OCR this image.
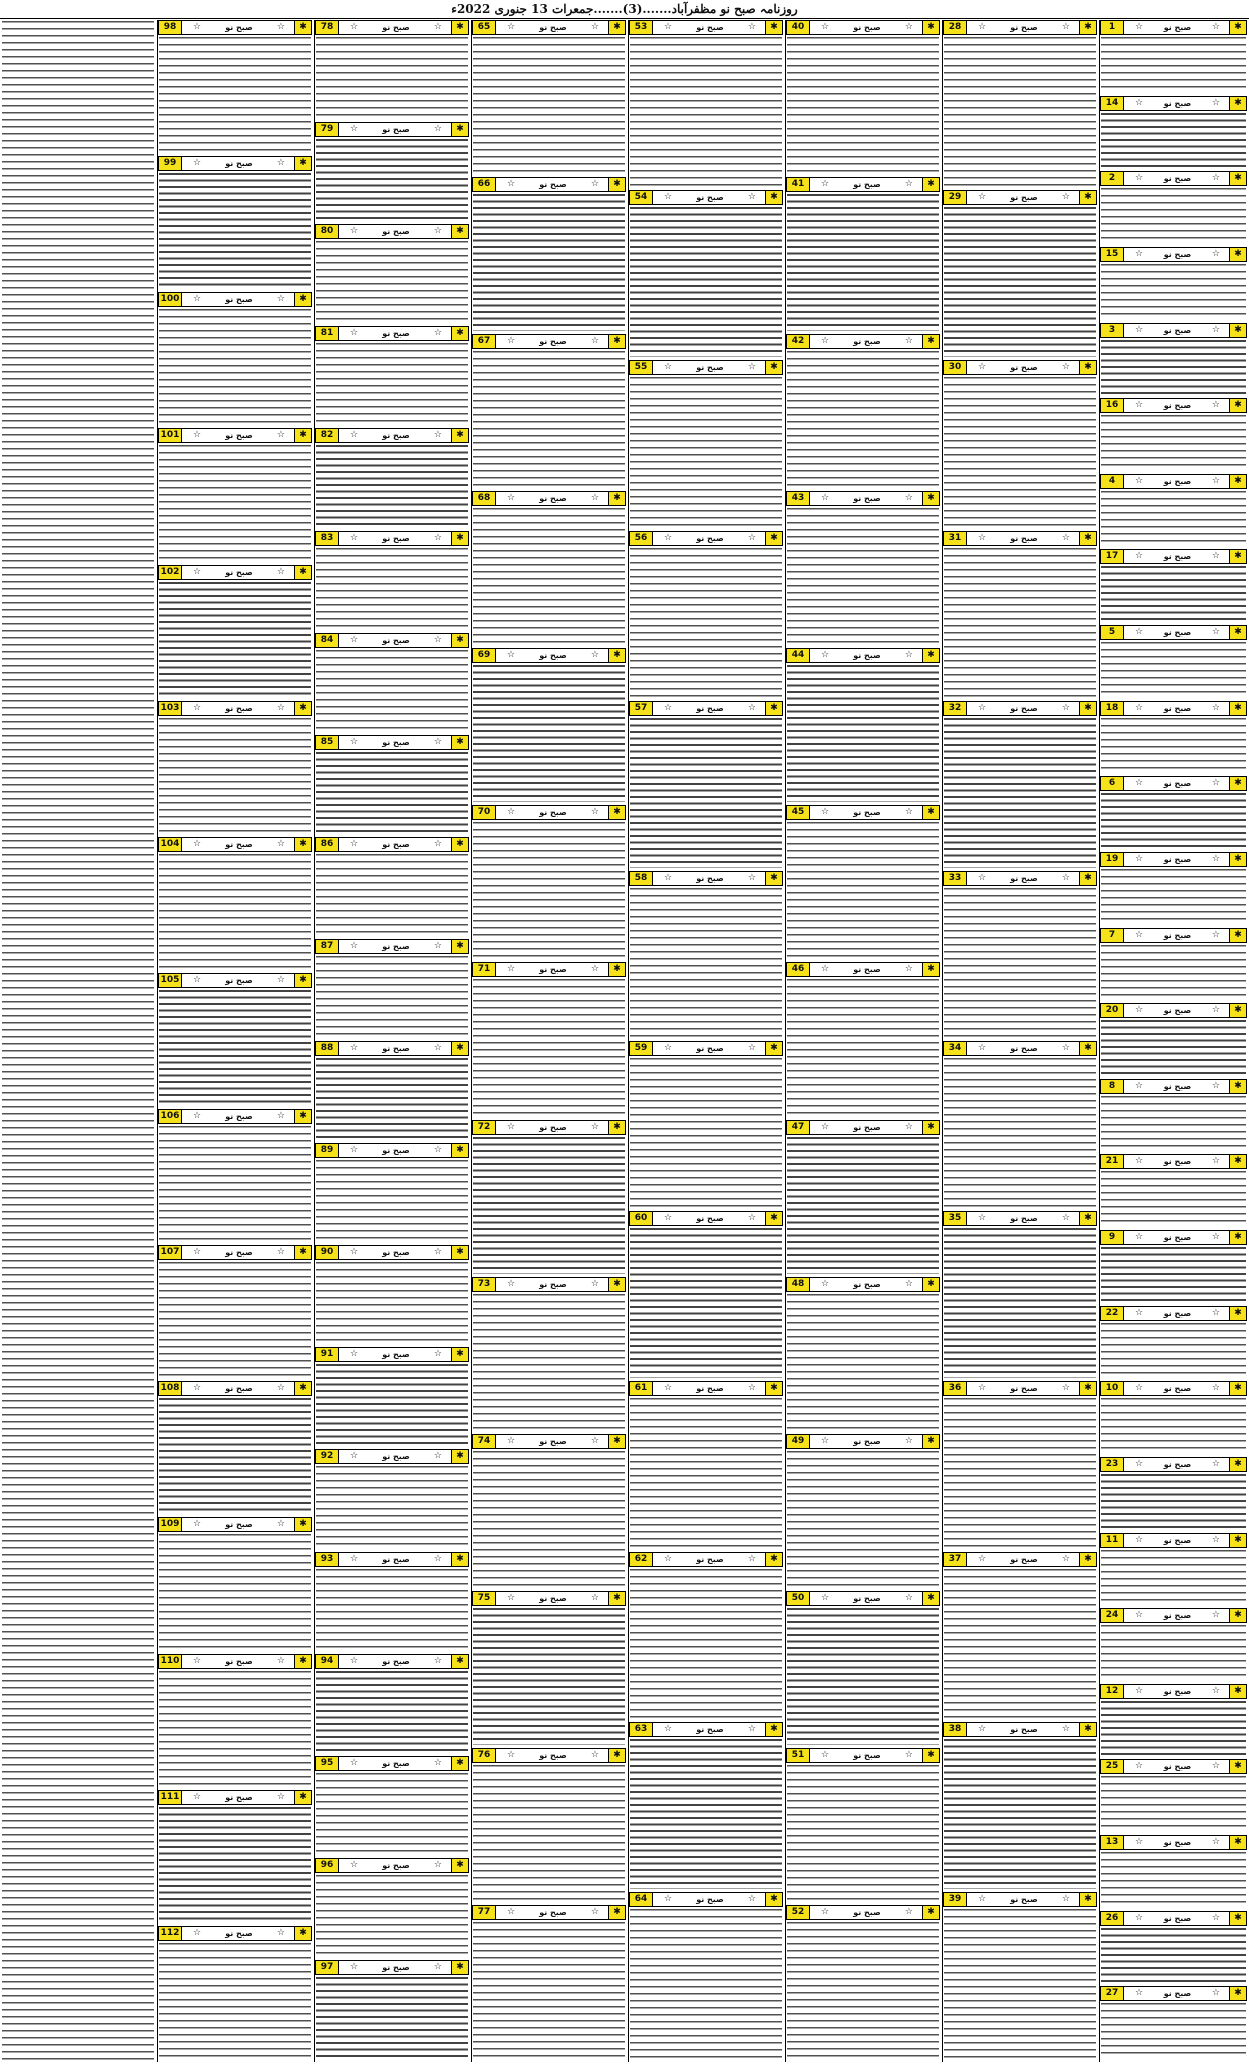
روزنامہ صبح نو مظفرآباد.......(3).......جمعرات 13 جنوری 2022ء
1	☆	صبح نو	☆	✱
14	☆	صبح نو	☆	✱
2	☆	صبح نو	☆	✱
15	☆	صبح نو	☆	✱
3	☆	صبح نو	☆	✱
16	☆	صبح نو	☆	✱
4	☆	صبح نو	☆	✱
17	☆	صبح نو	☆	✱
5	☆	صبح نو	☆	✱
18	☆	صبح نو	☆	✱
6	☆	صبح نو	☆	✱
19	☆	صبح نو	☆	✱
7	☆	صبح نو	☆	✱
20	☆	صبح نو	☆	✱
8	☆	صبح نو	☆	✱
21	☆	صبح نو	☆	✱
9	☆	صبح نو	☆	✱
22	☆	صبح نو	☆	✱
10	☆	صبح نو	☆	✱
23	☆	صبح نو	☆	✱
11	☆	صبح نو	☆	✱
24	☆	صبح نو	☆	✱
12	☆	صبح نو	☆	✱
25	☆	صبح نو	☆	✱
13	☆	صبح نو	☆	✱
26	☆	صبح نو	☆	✱
27	☆	صبح نو	☆	✱
28	☆	صبح نو	☆	✱
29	☆	صبح نو	☆	✱
30	☆	صبح نو	☆	✱
31	☆	صبح نو	☆	✱
32	☆	صبح نو	☆	✱
33	☆	صبح نو	☆	✱
34	☆	صبح نو	☆	✱
35	☆	صبح نو	☆	✱
36	☆	صبح نو	☆	✱
37	☆	صبح نو	☆	✱
38	☆	صبح نو	☆	✱
39	☆	صبح نو	☆	✱
40	☆	صبح نو	☆	✱
41	☆	صبح نو	☆	✱
42	☆	صبح نو	☆	✱
43	☆	صبح نو	☆	✱
44	☆	صبح نو	☆	✱
45	☆	صبح نو	☆	✱
46	☆	صبح نو	☆	✱
47	☆	صبح نو	☆	✱
48	☆	صبح نو	☆	✱
49	☆	صبح نو	☆	✱
50	☆	صبح نو	☆	✱
51	☆	صبح نو	☆	✱
52	☆	صبح نو	☆	✱
53	☆	صبح نو	☆	✱
54	☆	صبح نو	☆	✱
55	☆	صبح نو	☆	✱
56	☆	صبح نو	☆	✱
57	☆	صبح نو	☆	✱
58	☆	صبح نو	☆	✱
59	☆	صبح نو	☆	✱
60	☆	صبح نو	☆	✱
61	☆	صبح نو	☆	✱
62	☆	صبح نو	☆	✱
63	☆	صبح نو	☆	✱
64	☆	صبح نو	☆	✱
65	☆	صبح نو	☆	✱
66	☆	صبح نو	☆	✱
67	☆	صبح نو	☆	✱
68	☆	صبح نو	☆	✱
69	☆	صبح نو	☆	✱
70	☆	صبح نو	☆	✱
71	☆	صبح نو	☆	✱
72	☆	صبح نو	☆	✱
73	☆	صبح نو	☆	✱
74	☆	صبح نو	☆	✱
75	☆	صبح نو	☆	✱
76	☆	صبح نو	☆	✱
77	☆	صبح نو	☆	✱
78	☆	صبح نو	☆	✱
79	☆	صبح نو	☆	✱
80	☆	صبح نو	☆	✱
81	☆	صبح نو	☆	✱
82	☆	صبح نو	☆	✱
83	☆	صبح نو	☆	✱
84	☆	صبح نو	☆	✱
85	☆	صبح نو	☆	✱
86	☆	صبح نو	☆	✱
87	☆	صبح نو	☆	✱
88	☆	صبح نو	☆	✱
89	☆	صبح نو	☆	✱
90	☆	صبح نو	☆	✱
91	☆	صبح نو	☆	✱
92	☆	صبح نو	☆	✱
93	☆	صبح نو	☆	✱
94	☆	صبح نو	☆	✱
95	☆	صبح نو	☆	✱
96	☆	صبح نو	☆	✱
97	☆	صبح نو	☆	✱
98	☆	صبح نو	☆	✱
99	☆	صبح نو	☆	✱
100 ☆	صبح نو	☆	✱
101 ☆	صبح نو	☆	✱
102 ☆	صبح نو	☆	✱
103 ☆	صبح نو	☆	✱
104 ☆	صبح نو	☆	✱
105 ☆	صبح نو	☆	✱
106 ☆	صبح نو	☆	✱
107 ☆	صبح نو	☆	✱
108 ☆	صبح نو	☆	✱
109 ☆	صبح نو	☆	✱
110 ☆	صبح نو	☆	✱
111 ☆	صبح نو	☆	✱
112 ☆	صبح نو	☆	✱
